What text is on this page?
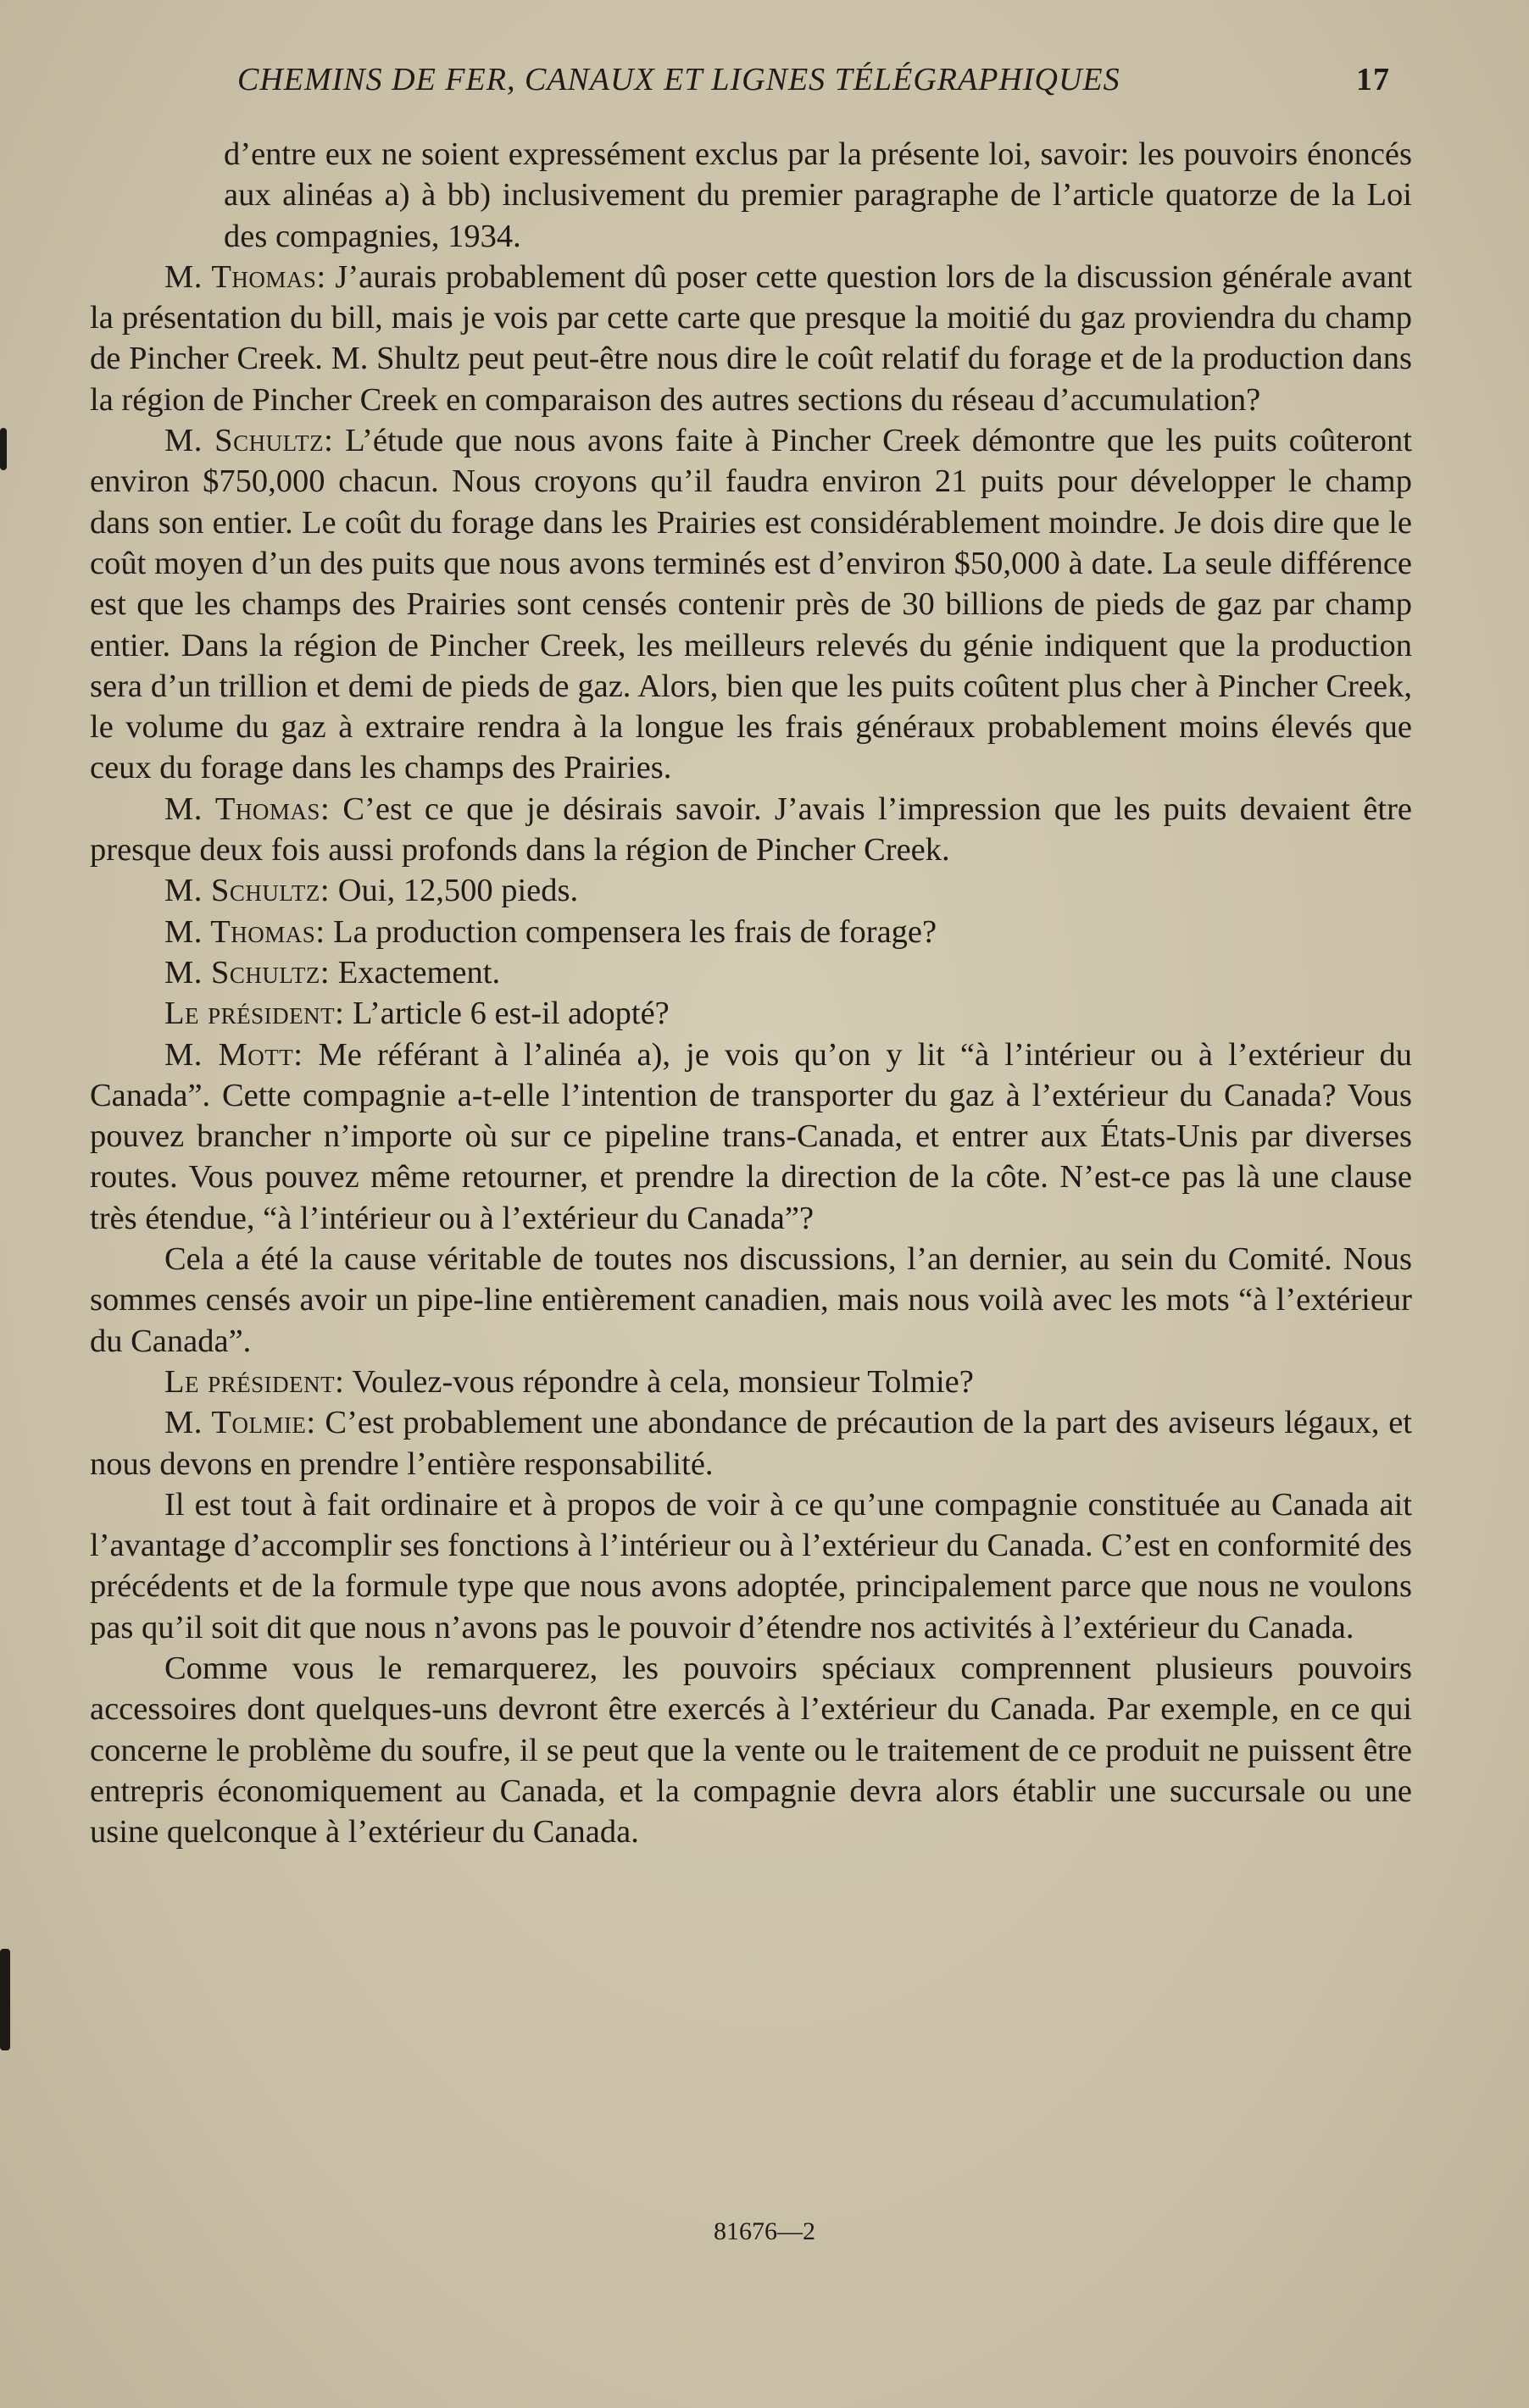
CHEMINS DE FER, CANAUX ET LIGNES TÉLÉGRAPHIQUES	17

d’entre eux ne soient expressément exclus par la présente loi, savoir: les pouvoirs énoncés aux alinéas a) à bb) inclusivement du premier paragraphe de l’article quatorze de la Loi des compagnies, 1934.

M. Thomas: J’aurais probablement dû poser cette question lors de la discussion générale avant la présentation du bill, mais je vois par cette carte que presque la moitié du gaz proviendra du champ de Pincher Creek. M. Shultz peut peut-être nous dire le coût relatif du forage et de la production dans la région de Pincher Creek en comparaison des autres sections du réseau d’accumulation?

M. Schultz: L’étude que nous avons faite à Pincher Creek démontre que les puits coûteront environ $750,000 chacun. Nous croyons qu’il faudra environ 21 puits pour développer le champ dans son entier. Le coût du forage dans les Prairies est considérablement moindre. Je dois dire que le coût moyen d’un des puits que nous avons terminés est d’environ $50,000 à date. La seule différence est que les champs des Prairies sont censés contenir près de 30 billions de pieds de gaz par champ entier. Dans la région de Pincher Creek, les meilleurs relevés du génie indiquent que la production sera d’un trillion et demi de pieds de gaz. Alors, bien que les puits coûtent plus cher à Pincher Creek, le volume du gaz à extraire rendra à la longue les frais généraux probablement moins élevés que ceux du forage dans les champs des Prairies.

M. Thomas: C’est ce que je désirais savoir. J’avais l’impression que les puits devaient être presque deux fois aussi profonds dans la région de Pincher Creek.

M. Schultz: Oui, 12,500 pieds.

M. Thomas: La production compensera les frais de forage?

M. Schultz: Exactement.

Le président: L’article 6 est-il adopté?

M. Mott: Me référant à l’alinéa a), je vois qu’on y lit “à l’intérieur ou à l’extérieur du Canada”. Cette compagnie a-t-elle l’intention de transporter du gaz à l’extérieur du Canada? Vous pouvez brancher n’importe où sur ce pipeline trans-Canada, et entrer aux États-Unis par diverses routes. Vous pouvez même retourner, et prendre la direction de la côte. N’est-ce pas là une clause très étendue, “à l’intérieur ou à l’extérieur du Canada”?

Cela a été la cause véritable de toutes nos discussions, l’an dernier, au sein du Comité. Nous sommes censés avoir un pipe-line entièrement canadien, mais nous voilà avec les mots “à l’extérieur du Canada”.

Le président: Voulez-vous répondre à cela, monsieur Tolmie?

M. Tolmie: C’est probablement une abondance de précaution de la part des aviseurs légaux, et nous devons en prendre l’entière responsabilité.

Il est tout à fait ordinaire et à propos de voir à ce qu’une compagnie constituée au Canada ait l’avantage d’accomplir ses fonctions à l’intérieur ou à l’extérieur du Canada. C’est en conformité des précédents et de la formule type que nous avons adoptée, principalement parce que nous ne voulons pas qu’il soit dit que nous n’avons pas le pouvoir d’étendre nos activités à l’extérieur du Canada.

Comme vous le remarquerez, les pouvoirs spéciaux comprennent plusieurs pouvoirs accessoires dont quelques-uns devront être exercés à l’extérieur du Canada. Par exemple, en ce qui concerne le problème du soufre, il se peut que la vente ou le traitement de ce produit ne puissent être entrepris économiquement au Canada, et la compagnie devra alors établir une succursale ou une usine quelconque à l’extérieur du Canada.

81676—2
